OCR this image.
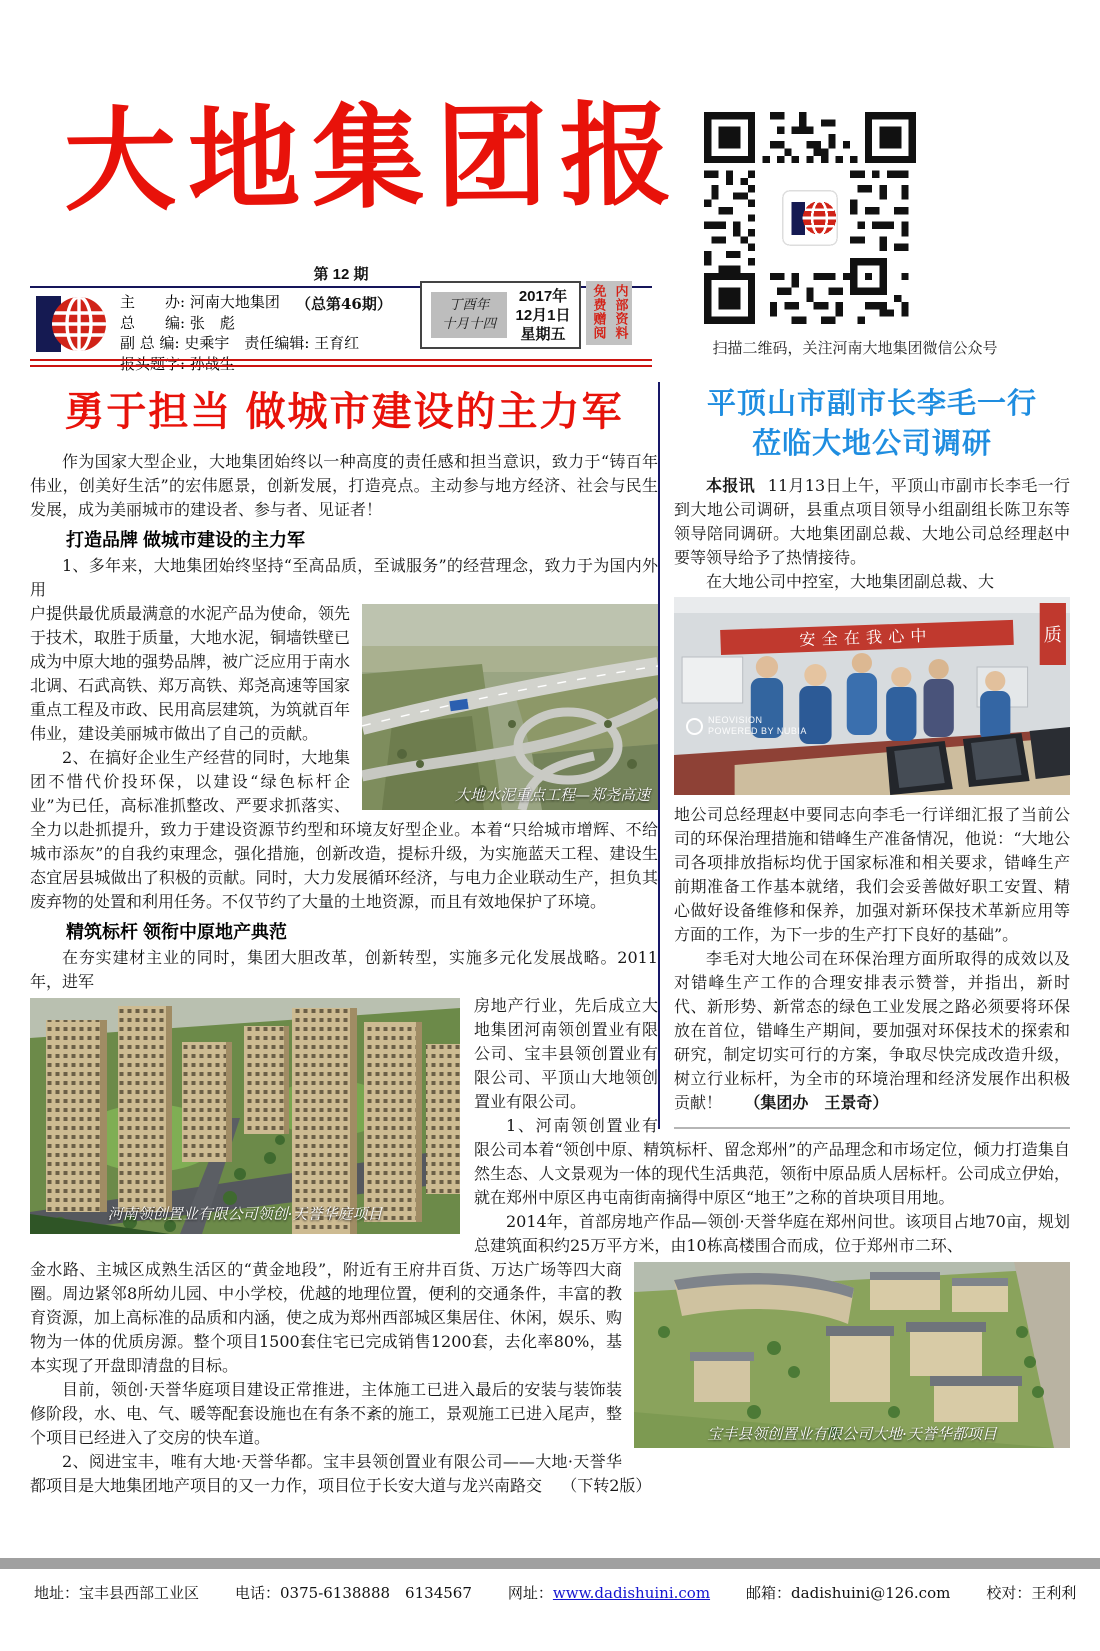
大地集团报
扫描二维码，关注河南大地集团微信公众号
第 12 期
（总第46期）
主　　办: 河南大地集团
总　　编: 张　彪
副 总 编: 史乘宇　责任编辑: 王育红
报头题字: 孙战生
丁酉年
十月十四
2017年
12月1日
星期五	免费赠阅 内部资料
平顶山市副市长李毛一行
莅临大地公司调研

本报讯 11月13日上午，平顶山市副市长李毛一行到大地公司调研，县重点项目领导小组副组长陈卫东等领导陪同调研。大地集团副总裁、大地公司总经理赵中要等领导给予了热情接待。

在大地公司中控室，大地集团副总裁、大

安全在我心中	质
NEOVISION
POWERED BY NUBIA

地公司总经理赵中要同志向李毛一行详细汇报了当前公司的环保治理措施和错峰生产准备情况，他说：“大地公司各项排放指标均优于国家标准和相关要求，错峰生产前期准备工作基本就绪，我们会妥善做好职工安置、精心做好设备维修和保养，加强对新环保技术革新应用等方面的工作，为下一步的生产打下良好的基础”。

李毛对大地公司在环保治理方面所取得的成效以及对错峰生产工作的合理安排表示赞誉，并指出，新时代、新形势、新常态的绿色工业发展之路必须要将环保放在首位，错峰生产期间，要加强对环保技术的探索和研究，制定切实可行的方案，争取尽快完成改造升级，树立行业标杆，为全市的环境治理和经济发展作出积极贡献！ （集团办　王景奇）

勇于担当 做城市建设的主力军

作为国家大型企业，大地集团始终以一种高度的责任感和担当意识，致力于“铸百年伟业，创美好生活”的宏伟愿景，创新发展，打造亮点。主动参与地方经济、社会与民生发展，成为美丽城市的建设者、参与者、见证者！

打造品牌 做城市建设的主力军

1、多年来，大地集团始终坚持“至高品质，至诚服务”的经营理念，致力于为国内外用

大地水泥重点工程—郑尧高速

户提供最优质最满意的水泥产品为使命，领先于技术，取胜于质量，大地水泥，铜墙铁壁已成为中原大地的强势品牌，被广泛应用于南水北调、石武高铁、郑万高铁、郑尧高速等国家重点工程及市政、民用高层建筑，为筑就百年伟业，建设美丽城市做出了自己的贡献。

2、在搞好企业生产经营的同时，大地集团不惜代价投环保，以建设“绿色标杆企业”为已任，高标准抓整改、严要求抓落实、全力以赴抓提升，致力于建设资源节约型和环境友好型企业。本着“只给城市增辉、不给城市添灰”的自我约束理念，强化措施，创新改造，提标升级，为实施蓝天工程、建设生态宜居县城做出了积极的贡献。同时，大力发展循环经济，与电力企业联动生产，担负其废弃物的处置和利用任务。不仅节约了大量的土地资源，而且有效地保护了环境。

精筑标杆 领衔中原地产典范

在夯实建材主业的同时，集团大胆改革，创新转型，实施多元化发展战略。2011年，进军

河南领创置业有限公司领创·天誉华庭项目

房地产行业，先后成立大地集团河南领创置业有限公司、宝丰县领创置业有限公司、平顶山大地领创置业有限公司。

1、河南领创置业有限公司本着“领创中原、精筑标杆、留念郑州”的产品理念和市场定位，倾力打造集自然生态、人文景观为一体的现代生活典范，领衔中原品质人居标杆。公司成立伊始，就在郑州中原区冉屯南街南摘得中原区“地王”之称的首块项目用地。

2014年，首部房地产作品—领创·天誉华庭在郑州问世。该项目占地70亩，规划总建筑面积约25万平方米，由10栋高楼围合而成，位于郑州市二环、

宝丰县领创置业有限公司大地·天誉华都项目

金水路、主城区成熟生活区的“黄金地段”，附近有王府井百货、万达广场等四大商圈。周边紧邻8所幼儿园、中小学校，优越的地理位置，便利的交通条件，丰富的教育资源，加上高标准的品质和内涵，使之成为郑州西部城区集居住、休闲，娱乐、购物为一体的优质房源。整个项目1500套住宅已完成销售1200套，去化率80%，基本实现了开盘即清盘的目标。

目前，领创·天誉华庭项目建设正常推进，主体施工已进入最后的安装与装饰装修阶段，水、电、气、暖等配套设施也在有条不紊的施工，景观施工已进入尾声，整个项目已经进入了交房的快车道。

2、阅进宝丰，唯有大地·天誉华都。宝丰县领创置业有限公司——大地·天誉华都项目是大地集团地产项目的又一力作，项目位于长安大道与龙兴南路交 （下转2版）

地址：宝丰县西部工业区 电话：0375-6138888　6134567 网址：www.dadishuini.com 邮箱：dadishuini@126.com 校对：王利利
